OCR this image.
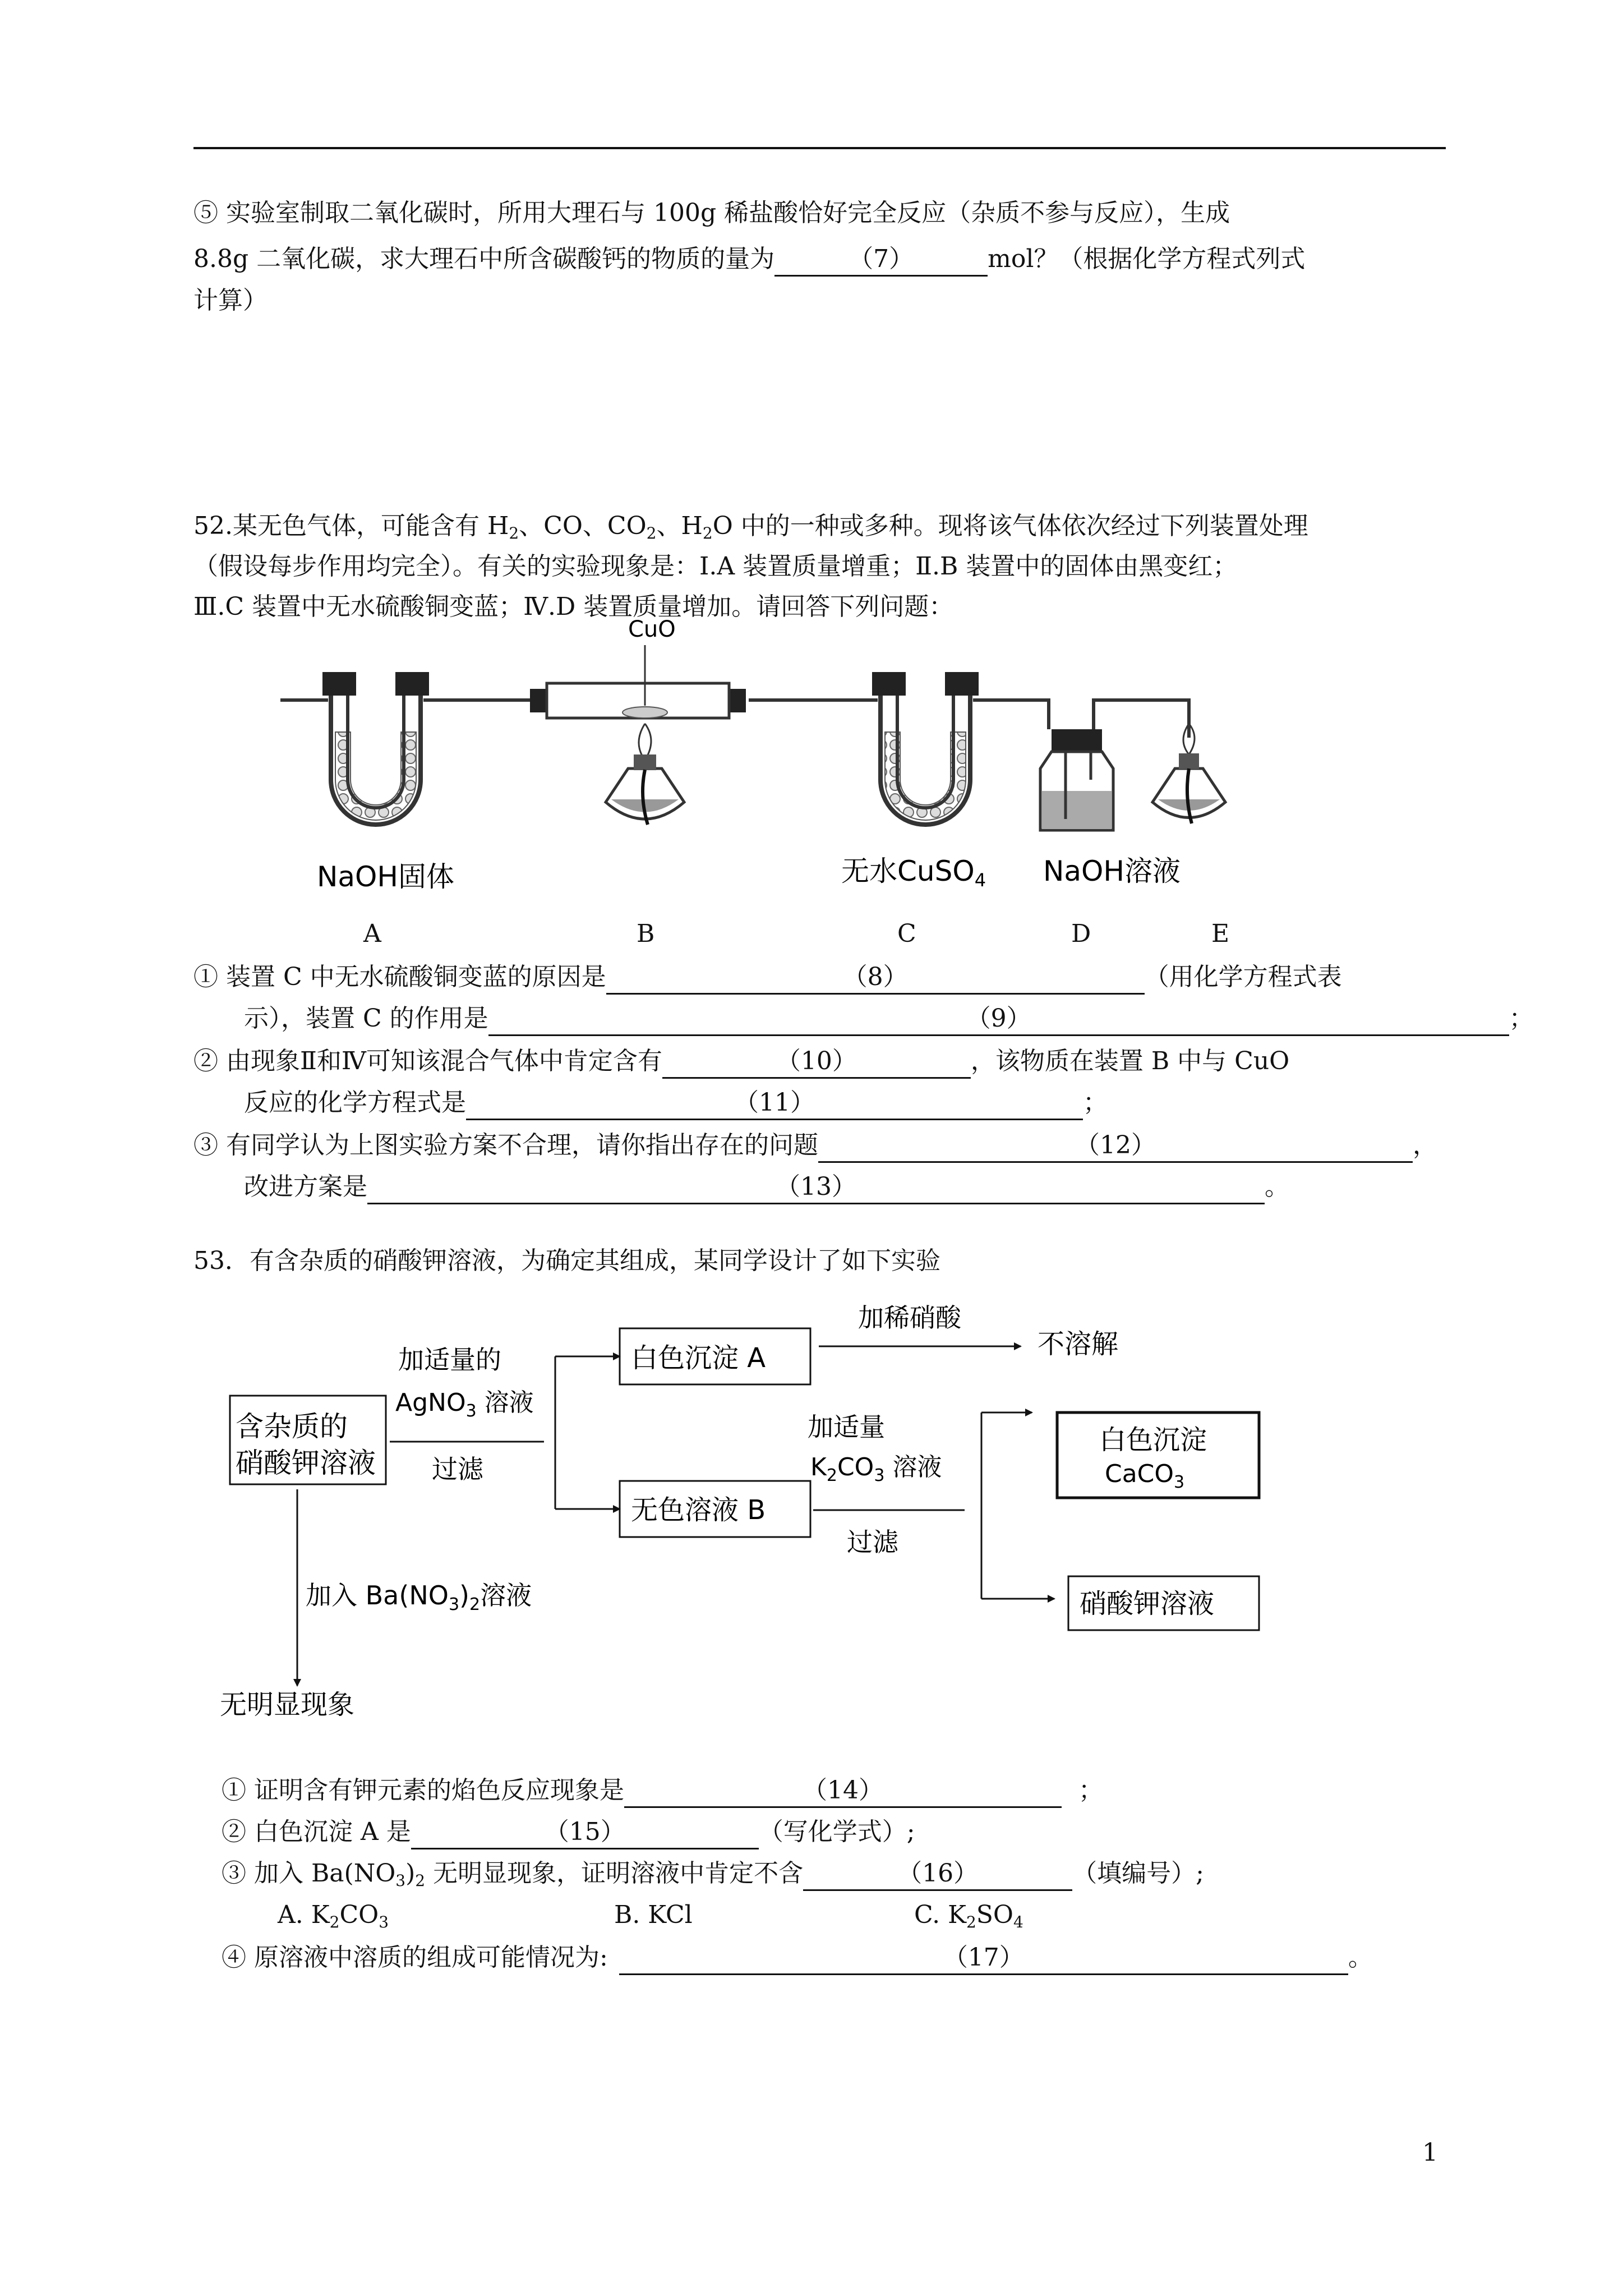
⑤ 实验室制取二氧化碳时，所用大理石与 100g 稀盐酸恰好完全反应（杂质不参与反应），生成
8.8g 二氧化碳，求大理石中所含碳酸钙的物质的量为	（7）	mol？（根据化学方程式列式
计算）
52.某无色气体，可能含有 $H_2$、CO、$CO_2$、$H_2O$ 中的一种或多种。现将该气体依次经过下列装置处理
（假设每步作用均完全）。有关的实验现象是：Ⅰ.A 装置质量增重；Ⅱ.B 装置中的固体由黑变红；
Ⅲ.C 装置中无水硫酸铜变蓝；Ⅳ.D 装置质量增加。请回答下列问题：
CuO
NaOH固体	无水CuSO$_4$ NaOH溶液
A	B	C	D	E
① 装置 C 中无水硫酸铜变蓝的原因是	（8）	（用化学方程式表
示），装置 C 的作用是	（9）	；
② 由现象Ⅱ和Ⅳ可知该混合气体中肯定含有	（10）	，该物质在装置 B 中与 CuO
反应的化学方程式是	（11）	；
③ 有同学认为上图实验方案不合理，请你指出存在的问题	（12）	，
改进方案是	（13）	。
53．有含杂质的硝酸钾溶液，为确定其组成，某同学设计了如下实验
含杂质的
硝酸钾溶液
加适量的
AgNO$_3$ 溶液
过滤
白色沉淀 A
加稀硝酸
不溶解
无色溶液 B
加适量
$K_2CO_3$ 溶液
过滤
白色沉淀
CaCO$_3$
硝酸钾溶液
加入 $Ba(NO_3)_2$溶液
无明显现象
① 证明含有钾元素的焰色反应现象是	（14）	；
② 白色沉淀 A 是	（15）	（写化学式）;
③ 加入 $Ba(NO_3)_2$ 无明显现象，证明溶液中肯定不含	（16）	（填编号）;
A. $K_2CO_3$	B. KCl	C. $K_2SO_4$
④ 原溶液中溶质的组成可能情况为:	（17）	。
1
